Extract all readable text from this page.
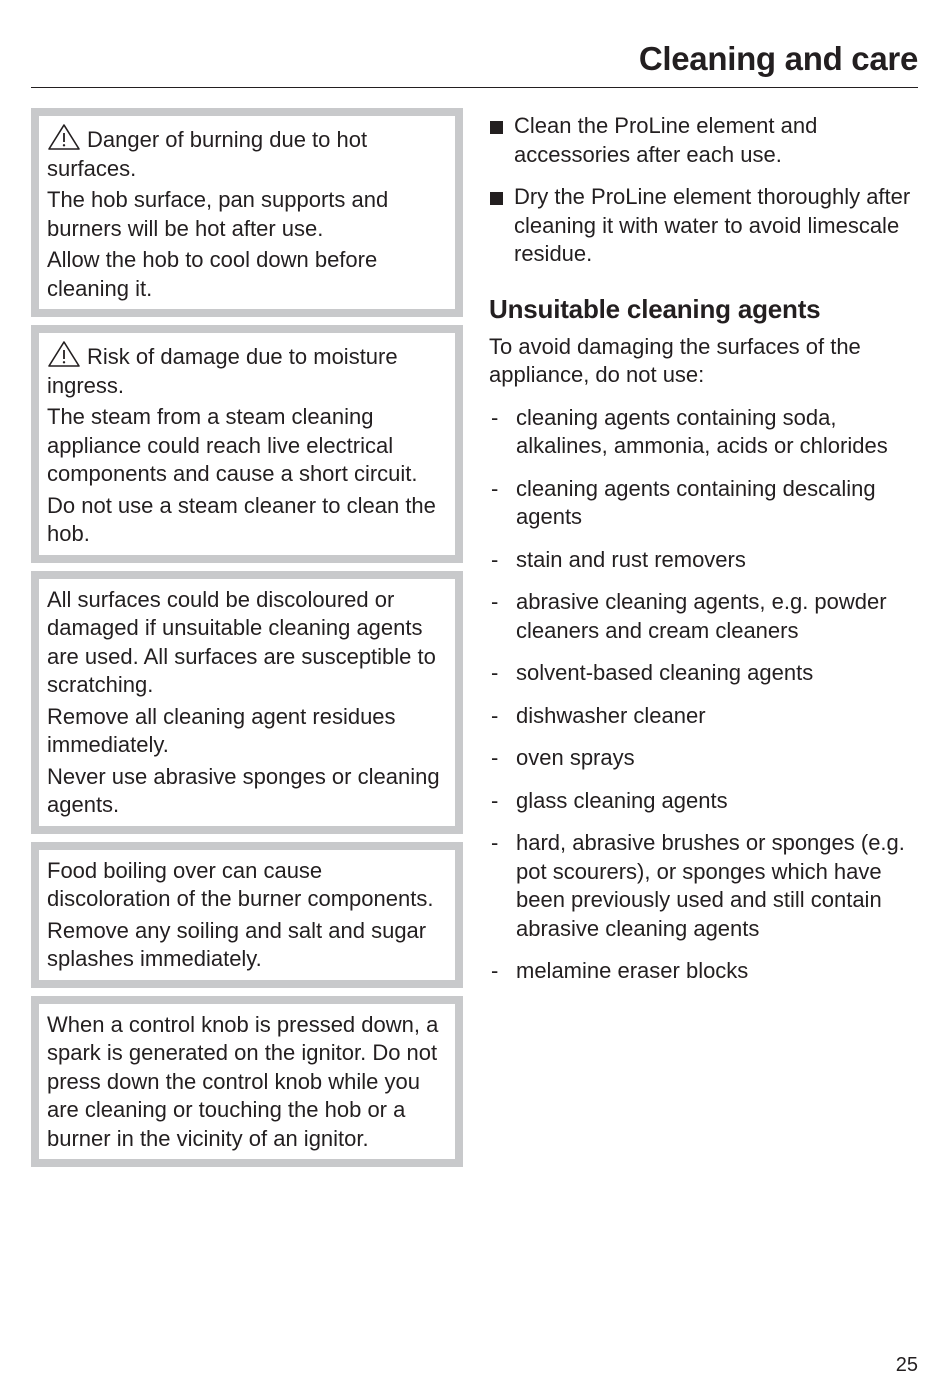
Cleaning and care

Danger of burning due to hot surfaces.

The hob surface, pan supports and burners will be hot after use.

Allow the hob to cool down before cleaning it.

Risk of damage due to moisture ingress.

The steam from a steam cleaning appliance could reach live electrical components and cause a short circuit.

Do not use a steam cleaner to clean the hob.

All surfaces could be discoloured or damaged if unsuitable cleaning agents are used. All surfaces are susceptible to scratching.

Remove all cleaning agent residues immediately.

Never use abrasive sponges or cleaning agents.

Food boiling over can cause discoloration of the burner components.

Remove any soiling and salt and sugar splashes immediately.

When a control knob is pressed down, a spark is generated on the ignitor. Do not press down the control knob while you are cleaning or touching the hob or a burner in the vicinity of an ignitor.

Clean the ProLine element and accessories after each use.
Dry the ProLine element thoroughly after cleaning it with water to avoid limescale residue.
Unsuitable cleaning agents

To avoid damaging the surfaces of the appliance, do not use:

- cleaning agents containing soda, alkalines, ammonia, acids or chlorides
- cleaning agents containing descaling agents
- stain and rust removers
- abrasive cleaning agents, e.g. powder cleaners and cream cleaners
- solvent-based cleaning agents
- dishwasher cleaner
- oven sprays
- glass cleaning agents
- hard, abrasive brushes or sponges (e.g. pot scourers), or sponges which have been previously used and still contain abrasive cleaning agents
- melamine eraser blocks
25
